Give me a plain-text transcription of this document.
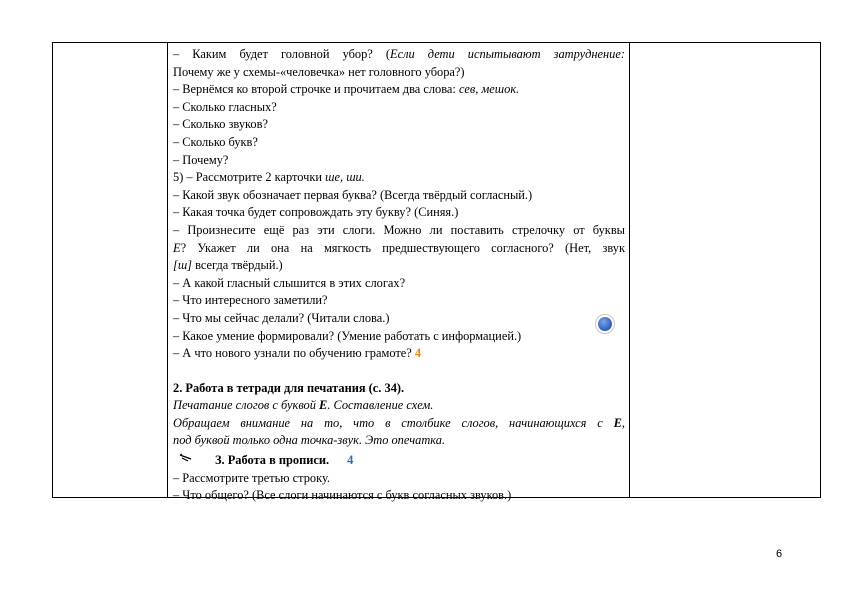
– Каким будет головной убор? (Если дети испытывают затруднение:
Почему же у схемы-«человечка» нет головного убора?)
– Вернёмся ко второй строчке и прочитаем два слова: сев, мешок.
– Сколько гласных?
– Сколько звуков?
– Сколько букв?
– Почему?
5) – Рассмотрите 2 карточки ше, ши.
– Какой звук обозначает первая буква? (Всегда твёрдый согласный.)
– Какая точка будет сопровождать эту букву? (Синяя.)
– Произнесите ещё раз эти слоги. Можно ли поставить стрелочку от буквы
Е? Укажет ли она на мягкость предшествующего согласного? (Нет, звук
[ш] всегда твёрдый.)
– А какой гласный слышится в этих слогах?
– Что интересного заметили?
– Что мы сейчас делали? (Читали слова.)
– Какое умение формировали? (Умение работать с информацией.)
– А что нового узнали по обучению грамоте? 4
2. Работа в тетради для печатания (с. 34).
Печатание слогов с буквой Е. Составление схем.
Обращаем внимание на то, что в столбике слогов, начинающихся с Е,
под буквой только одна точка-звук. Это опечатка.
З. Работа в прописи. 4
– Рассмотрите третью строку.
– Что общего? (Все слоги начинаются с букв согласных звуков.)
6
